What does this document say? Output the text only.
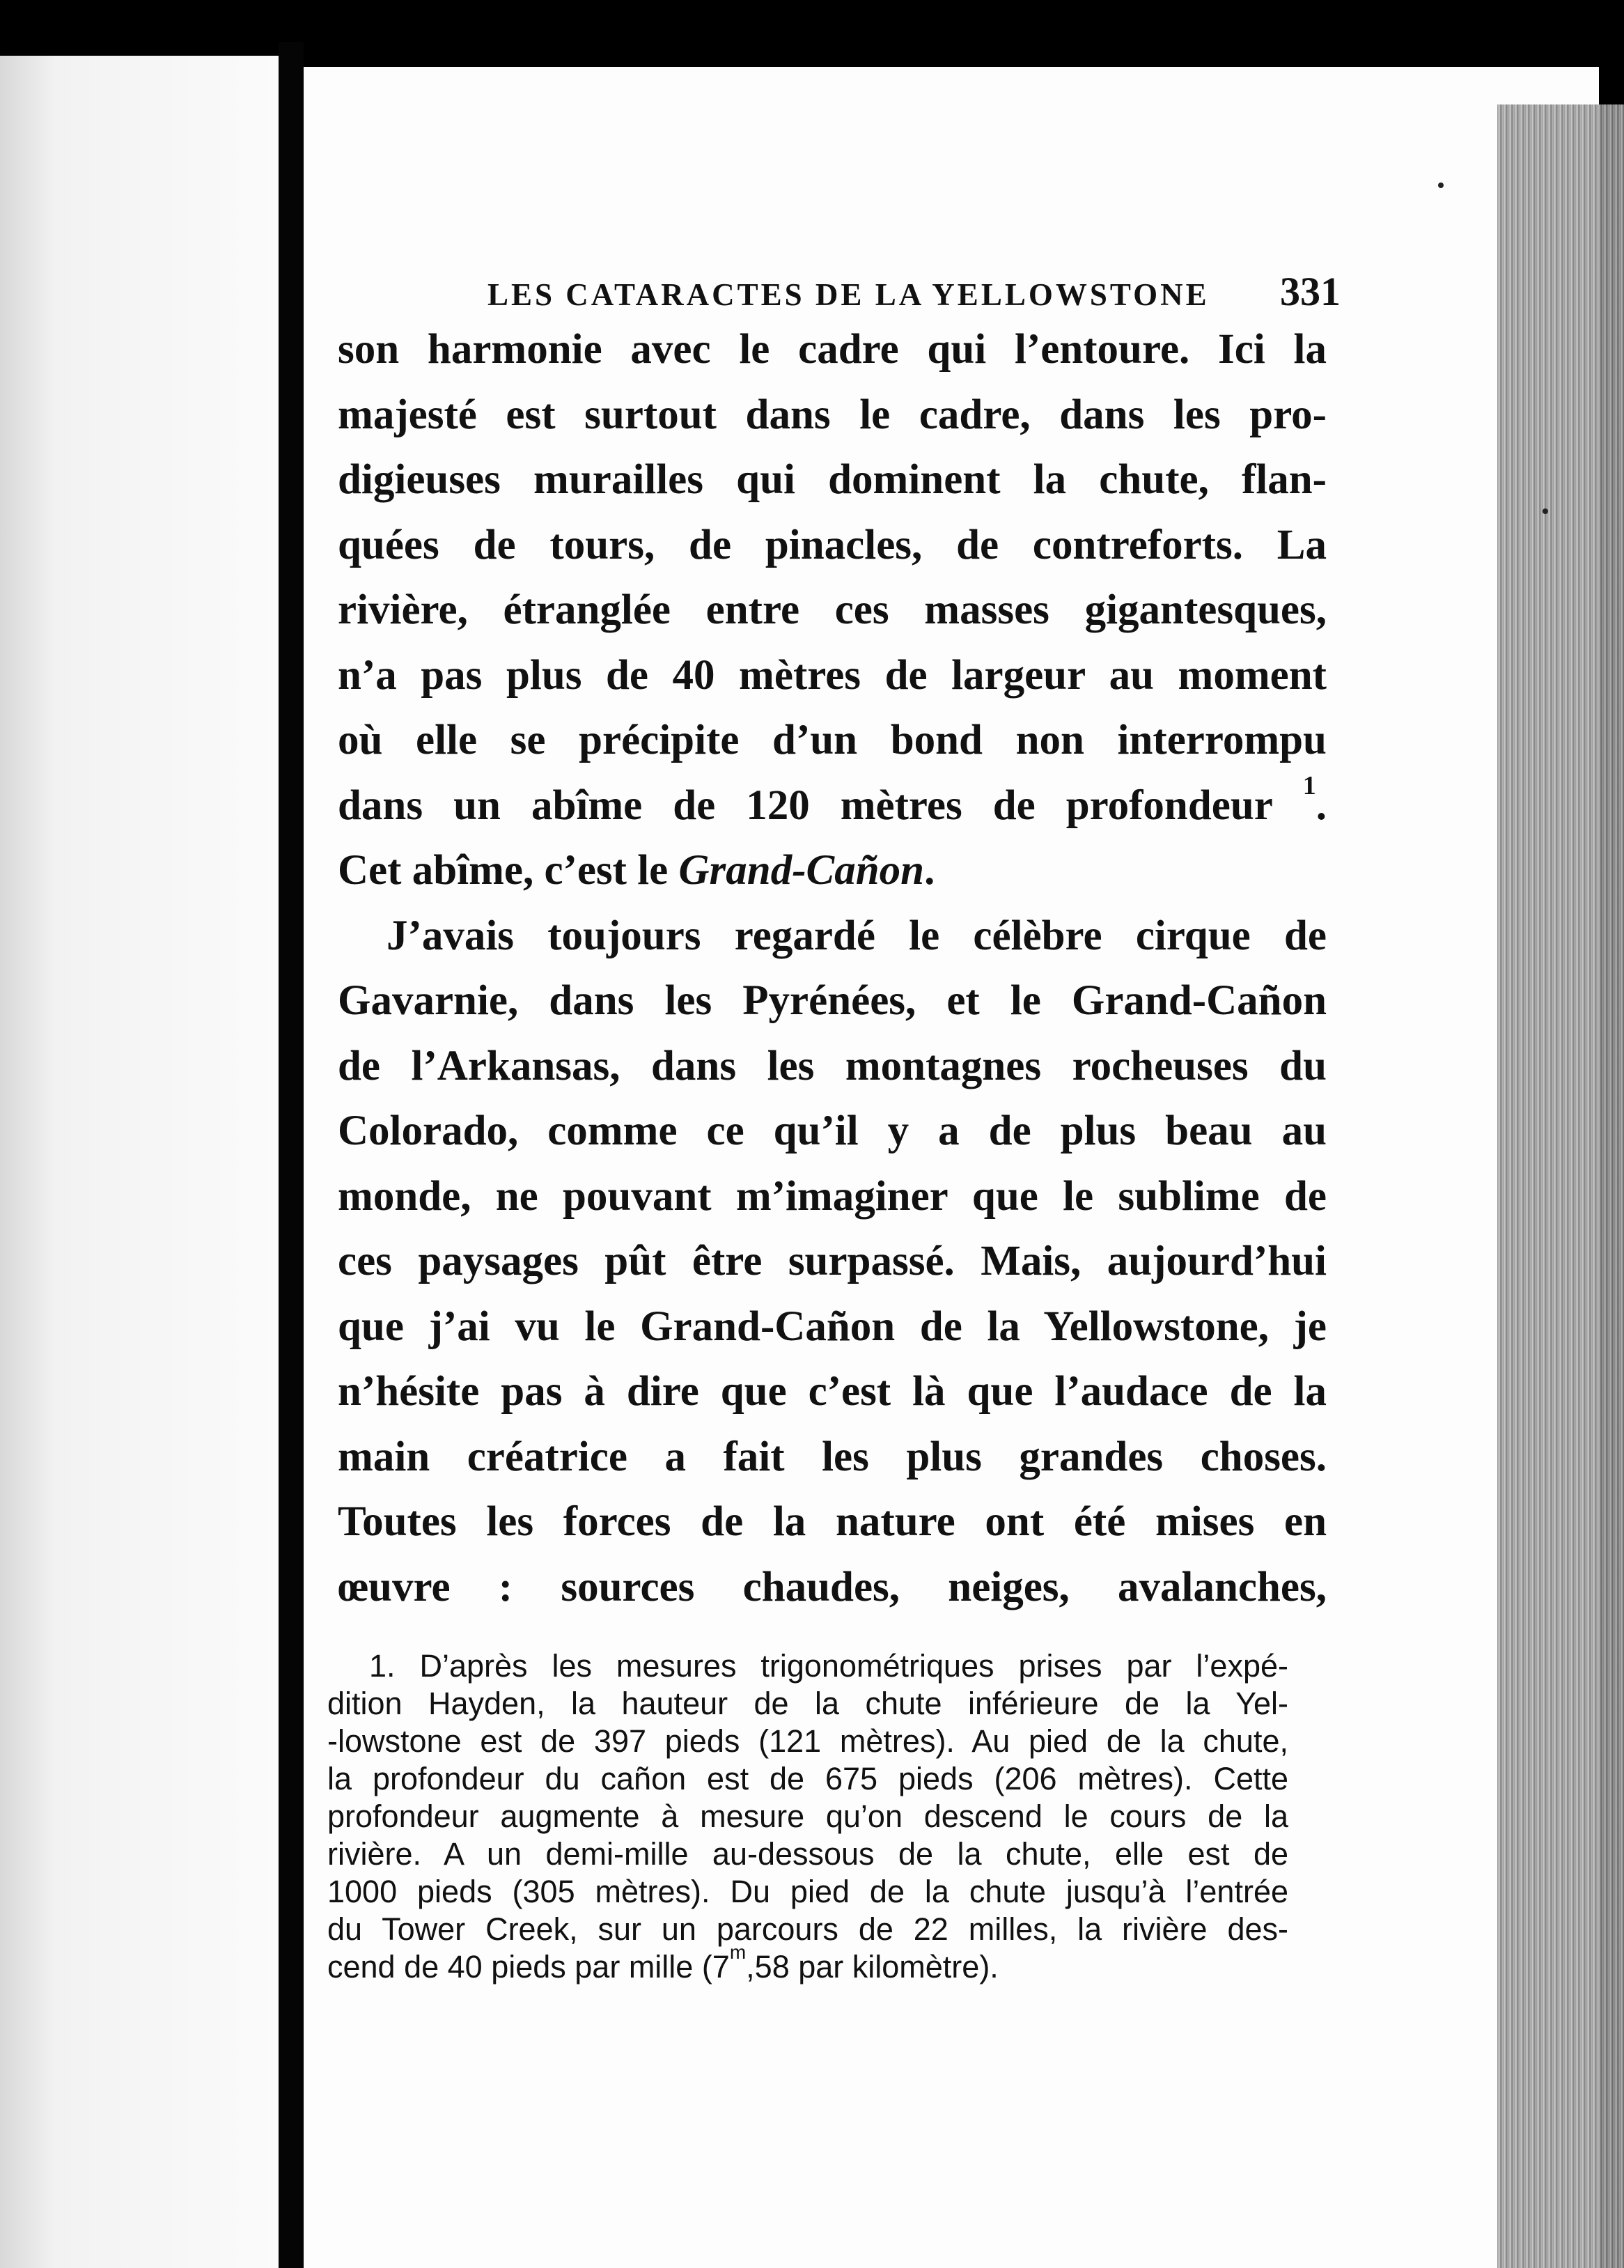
LES CATARACTES DE LA YELLOWSTONE 331
son harmonie avec le cadre qui l’entoure. Ici la
majesté est surtout dans le cadre, dans les pro-
digieuses murailles qui dominent la chute, flan-
quées de tours, de pinacles, de contreforts. La
rivière, étranglée entre ces masses gigantesques,
n’a pas plus de 40 mètres de largeur au moment
où elle se précipite d’un bond non interrompu
dans un abîme de 120 mètres de profondeur $^1$.
Cet abîme, c’est le Grand-Cañon.
J’avais toujours regardé le célèbre cirque de
Gavarnie, dans les Pyrénées, et le Grand-Cañon
de l’Arkansas, dans les montagnes rocheuses du
Colorado, comme ce qu’il y a de plus beau au
monde, ne pouvant m’imaginer que le sublime de
ces paysages pût être surpassé. Mais, aujourd’hui
que j’ai vu le Grand-Cañon de la Yellowstone, je
n’hésite pas à dire que c’est là que l’audace de la
main créatrice a fait les plus grandes choses.
Toutes les forces de la nature ont été mises en
œuvre : sources chaudes, neiges, avalanches,
1. D’après les mesures trigonométriques prises par l’expé-
dition Hayden, la hauteur de la chute inférieure de la Yel-
-lowstone est de 397 pieds (121 mètres). Au pied de la chute,
la profondeur du cañon est de 675 pieds (206 mètres). Cette
profondeur augmente à mesure qu’on descend le cours de la
rivière. A un demi-mille au-dessous de la chute, elle est de
1000 pieds (305 mètres). Du pied de la chute jusqu’à l’entrée
du Tower Creek, sur un parcours de 22 milles, la rivière des-
cend de 40 pieds par mille (7$^m$,58 par kilomètre).
